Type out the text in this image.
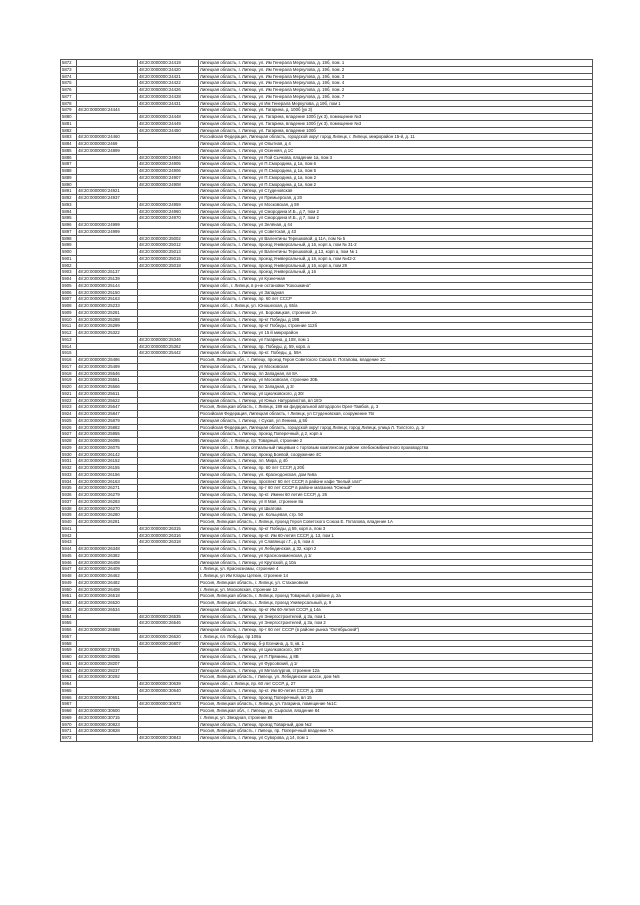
5872		48:20:0000000:24419	Липецкая область, г. Липецк, ул. Им Генерала Меркулова, д. 19б, пом. 1
5873		48:20:0000000:24420	Липецкая область, г. Липецк, ул. Им Генерала Меркулова, д. 19б, пом. 2
5874		48:20:0000000:24421	Липецкая область, г. Липецк, ул. Им Генерала Меркулова, д. 19б, пом. 3
5875		48:20:0000000:24422	Липецкая область, г. Липецк, ул. Им Генерала Меркулова, д. 19б, пом. 4
5876		48:20:0000000:24426	Липецкая область, г. Липецк, ул. Им Генерала Меркулова, д. 19б, пом. 2
5877		48:20:0000000:24428	Липецкая область, г. Липецк, ул. Им Генерала Меркулова, д. 19б, пом. 7
5878		48:20:0000000:24431	Липецкая область, г. Липецк, ул Им Генерала Меркулова, д 19б, пом 1
5879	48:20:0000000:24444		Липецкая область, г. Липецк, ул. Гагарина, д. 100б (ук 3)
5880		48:20:0000000:24448	Липецкая область, г. Липецк, ул. Гагарина, владение 100б (ук 3), помещение №3
5881		48:20:0000000:24449	Липецкая область, г. Липецк, ул. Гагарина, владение 100б (ук 3), помещение №3
5882		48:20:0000000:24450	Липецкая область, г. Липецк, ул. Гагарина, владение 100б
5883	48:20:0000000:24460		Российская Федерация, Липецкая область, городской округ город Липецк, г. Липецк, микрорайон 15-й, д. 11
5884	48:20:0000000:2469		Липецкая область, г. Липецк, ул Опытная, д 4
5885	48:20:0000000:24899		Липецкая область, г. Липецк, ул Осенняя, д 1С
5886		48:20:0000000:24904	Липецкая область, г. Липецк, ул Пой Сычкова, владение 1а, пом 3
5887		48:20:0000000:24905	Липецкая область, г. Липецк, ул П.Смородина, д 1а, пом 6
5888		48:20:0000000:24906	Липецкая область, г. Липецк, ул П.Смородина, д 1а, пом 5
5889		48:20:0000000:24907	Липецкая область, г. Липецк, ул П.Смородина, д 1а, пом 2
5890		48:20:0000000:24908	Липецкая область, г. Липецк, ул П.Смородина, д 1а, пом 2
5891	48:20:0000000:24921		Липецкая область, г. Липецк, ул Студеновская
5892	48:20:0000000:24937		Липецкая область, г. Липецк, ул Премьерская, д 20
5893		48:20:0000000:24959	Липецкая область, г. Липецк, ул Московская, д 59
5894		48:20:0000000:24960	Липецкая область, г. Липецк, ул Смородина И.Б., д 7, пом 2
5895		48:20:0000000:24970	Липецкая область, г. Липецк, ул Смородина И.Б., д 7, пом 2
5896	48:20:0000000:24999		Липецкая область, г. Липецк, ул Зелёная, д 44
5897	48:20:0000000:24999		Липецкая область, г. Липецк, ул Советская, д 43
5898		48:20:0000000:25002	Липецкая область, г. Липецк, ул Валентины Терешковой, д 11А, пом № 5
5899		48:20:0000000:25012	Липецкая область, г. Липецк, проезд Универсальный, д 16, корп а, пом № 31-2
5900		48:20:0000000:25013	Липецкая область, г. Липецк, ул Валентины Терешковой, д 13, корп а, пом № 1
5901		48:20:0000000:25015	Липецкая область, г. Липецк, проезд Универсальный, д 16, корп а, пом №42-2
5902		48:20:0000000:25018	Липецкая область, г. Липецк, проезд Универсальный, д 16, корп а, пом 29
5903	48:20:0000000:25137		Липецкая область, г. Липецк, проезд Универсальный, д 16
5904	48:20:0000000:25139		Липецкая область, г. Липецк, ул Кузнечная
5905	48:20:0000000:25144		Липецкая обл., г. Липецк, в р-не остановки "Кокошкина"
5906	48:20:0000000:25150		Липецкая область, г. Липецк, ул Западная
5907	48:20:0000000:25163		Липецкая область, г. Липецк, пр. 60 лет СССР
5908	48:20:0000000:25233		Липецкая обл., г. Липецк, ул. Юношеская, д. 65/а
5909	48:20:0000000:25281		Липецкая область, г. Липецк, ул. Боровицкая, строение 2А
5910	48:20:0000000:25288		Липецкая область, г. Липецк, пр-кт Победы, д 19В
5911	48:20:0000000:25299		Липецкая область, г. Липецк, пр-кт Победы, строение 112б
5912	48:20:0000000:25322		Липецкая область, г. Липецк, ул 15 й микрорайон
5913		48:20:0000000:25346	Липецкая область, г. Липецк, ул Гагарина, д 108, пом 1
5914		48:20:0000000:25362	Липецкая область, г. Липецк, пр. Победы, д. 59, корп. а
5915		48:20:0000000:25442	Липецкая область, г. Липецк, пр-кт. Победы, д. 59А
5916	48:20:0000000:25486		Россия, Липецкая обл., г. Липецк, проезд Героя Советского Союза Е. Потапова, владение 1С
5917	48:20:0000000:25489		Липецкая область, г. Липецк, ул Московская
5918	48:20:0000000:25546		Липецкая область, г. Липецк, пл Западная, вл 8А
5919	48:20:0000000:25551		Липецкая область, г. Липецк, ул Московская, строение 30Б
5920	48:20:0000000:25566		Липецкая область, г. Липецк, пл Западная, д 3г
5921	48:20:0000000:25611		Липецкая область, г. Липецк, ул Циолковского, д 30г
5922	48:20:0000000:25622		Липецкая область, г. Липецк, ул Юных Натуралистов, вл 18Э
5923	48:20:0000000:25647		Россия, Липецкая область, г. Липецк, 199 км федеральной автодороги Орел-Тамбов, д. 3
5924	48:20:0000000:25847		Российская Федерация, Липецкая область, г Липецк, ул Студеновская, сооружение 75г
5925	48:20:0000000:25879		Липецкая область, г. Липецк, г Сухая, ул Ленина, д 5б
5926	48:20:0000000:25882		Российская Федерация, Липецкая область, городской округ город Липецк, город Липецк, улица Л. Толстого, д. 1г
5927	48:20:0000000:25955		Липецкая область, г. Липецк, проезд Поперечный, д 2, корп а
5928	48:20:0000000:26095		Липецкая обл., г. Липецк, пр. Товарный, строение 2
5929	48:20:0000000:26075		Липецкая обл., г. Липецк, оптиальный пищевым с торговым комплексом районе хлебокомбинатного производства
5930	48:20:0000000:26142		Липецкая область, г. Липецк, проезд Боевой, сооружение 4С
5931	48:20:0000000:26152		Липецкая область, г. Липецк, пл. Мира, д 4б
5932	48:20:0000000:26155		Липецкая область, г. Липецк, пр. 60 лет СССР, д 20б
5933	48:20:0000000:26156		Липецкая область, г. Липецк, ул. Краснодонская, дом №6а
5934	48:20:0000000:26163		Липецкая область, г. Липецк, проспект 60 лет СССР, в районе кафе "Белый злат"
5935	48:20:0000000:26271		Липецкая область, г. Липецк, пр-т 60 лет СССР в районе магазина "Южный"
5936	48:20:0000000:26279		Липецкая область, г. Липецк, пр-кт. Имени 60 летия СССР, д. 26
5937	48:20:0000000:26293		Липецкая область, г. Липецк, ул 8 Мая, строение 8а
5938	48:20:0000000:26270		Липецкая область, г. Липецк, ул Шкатова
5939	48:20:0000000:26280		Липецкая область, г. Липецк, ул. Кольцевая, стр. 50
5940	48:20:0000000:26281		Россия, Липецкая область, г. Липецк, проезд Героя Советского Союза Е. Потапова, владение 1А
5941		48:20:0000000:26315	Липецкая область, г. Липецк, пр-кт Победы, д 59, корп а, пом 3
5942		48:20:0000000:26316	Липецкая область, г. Липецк, пр-кт. Им 60-летия СССР, д. 13, пом 1
5943		48:20:0000000:26318	Липецкая область, г. Липецк, ул Славянщо г.Г., д 5, пом 4
5944	48:20:0000000:26348		Липецкая область, г. Липецк, ул Лебединская, д 32, корп 2
5945	48:20:0000000:26382		Липецкая область, г. Липецк, ул Краснознаменская, д 1г
5946	48:20:0000000:26408		Липецкая область, г. Липецк, ул Крупской, д 10а
5947	48:20:0000000:26409		г. Липецк, ул. Краснознамы, строение 4
5948	48:20:0000000:26462		г. Липецк, ул Им Клары Цеткин, строение 14
5949	48:20:0000000:26482		Россия, Липецкая область, г. Липецк, ул. Стахановная
5950	48:20:0000000:26408		г. Липецк, ул. Московская, строение 12
5951	48:20:0000000:26518		Россия, Липецкая область, г. Липецк, проезд Товарный, в районе д. 2а
5952	48:20:0000000:26520		Россия, Липецкая область, г. Липецк, проезд Универсальный, д. 9
5953	48:20:0000000:26534		Липецкая область, г. Липецк, пр-кт Им 60-летия СССР, д 14а
5954		48:20:0000000:26535	Липецкая область, г. Липецк, ул Энергостроителей, д 3а, пом 1
5955		48:20:0000000:26546	Липецкая область, г. Липецк, ул Энергостроителей, д 3а, пом 2
5956	48:20:0000000:26588		Липецкая область, г. Липецк, пр-т 60 лет СССР (в районе рынка "Октябрьский")
5957		48:20:0000000:26620	г. Липецк, пл. Победы, пр 108а
5958		48:20:0000000:26807	Липецкая область, г. Липецк, б-р Есенина, д. 5, кв. 1
5959	48:20:0000000:27935		Липецкая область, г. Липецк, ул Циолковского, 36Т
5960	48:20:0000000:28065		Липецкая область, г. Липецк, ул П.Прямины, д 8В
5961	48:20:0000000:28207		Липецкая область, г. Липецк, ул Фурсовский, д 1г
5962	48:20:0000000:28237		Липецкая область, г. Липецк, ул Металлургов, строение 12а
5963	48:20:0000000:30292		Россия, Липецкая область, г Липецк, ул. Лебединское шоссе, дом №5
5964		48:20:0000000:30639	Липецкая обл., г. Липецк, пр. 60 лет СССР, д. 27
5965		48:20:0000000:30640	Липецкая область, г. Липецк, пр-кт. Им 60-летия СССР, д. 23В
5966	48:20:0000000:30651		Липецкая область, г. Липецк, проезд Поперечный, вл 15
5967		48:20:0000000:30673	Россия, Липецкая область, г. Липецк, ул. Гагарина, помещение №1С
5968	48:20:0000000:30600		Россия, Липецкая обл., г. Липецк, ул. Сырская, владение 84
5969	48:20:0000000:30715		г. Липецк, ул. Звездная, строение 86
5970	48:20:0000000:30823		Липецкая область, г. Липецк, проезд Товарный, дом №2
5971	48:20:0000000:30828		Россия, Липецкая область, г Липецк, пр. Поперечный владение 7А
5972		48:20:0000000:30843	Липецкая область, г. Липецк, ул Суворова, д 14, пом 1
